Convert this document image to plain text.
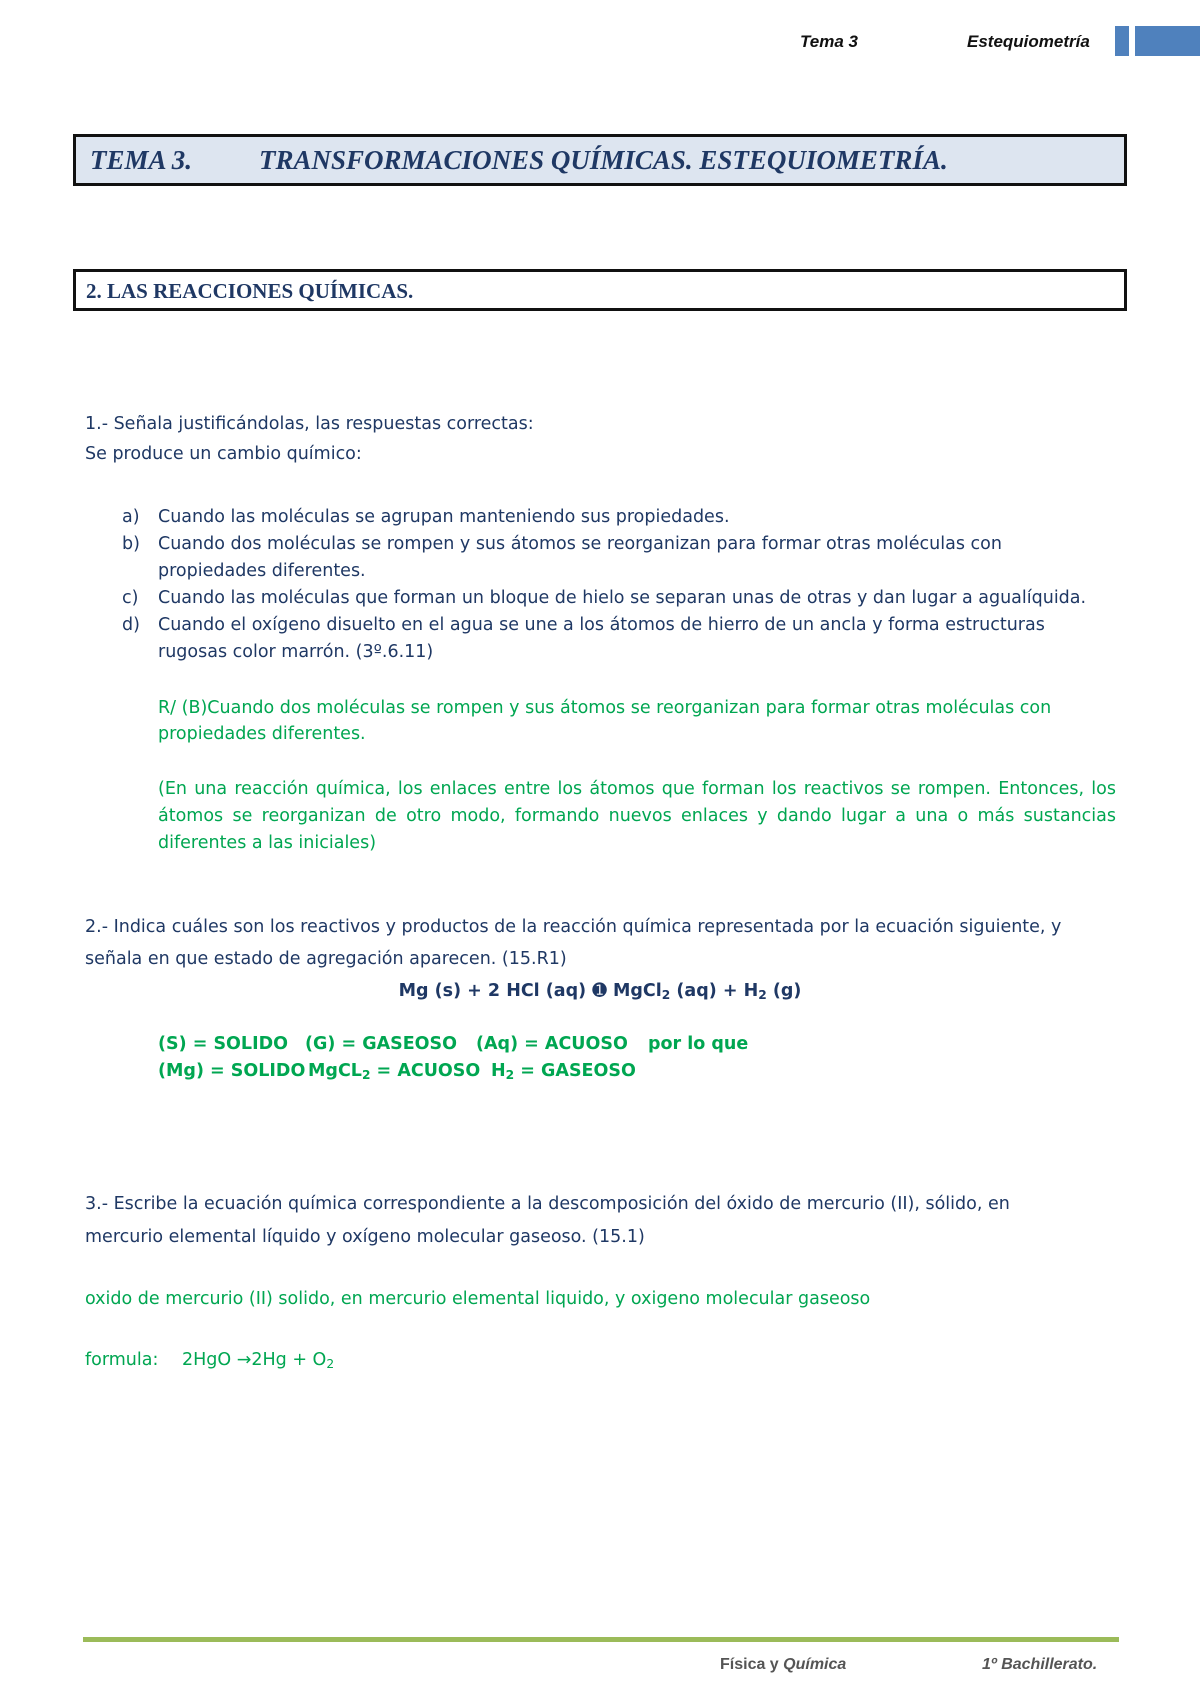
Tema 3	Estequiometría
TEMA 3. TRANSFORMACIONES QUÍMICAS. ESTEQUIOMETRÍA.
2. LAS REACCIONES QUÍMICAS.
1.- Señala justificándolas, las respuestas correctas:
Se produce un cambio químico:
a) Cuando las moléculas se agrupan manteniendo sus propiedades.
b) Cuando dos moléculas se rompen y sus átomos se reorganizan para formar otras moléculas con
propiedades diferentes.
c) Cuando las moléculas que forman un bloque de hielo se separan unas de otras y dan lugar a agualíquida.
d) Cuando el oxígeno disuelto en el agua se une a los átomos de hierro de un ancla y forma estructuras
rugosas color marrón. (3º.6.11)
R/ (B)Cuando dos moléculas se rompen y sus átomos se reorganizan para formar otras moléculas con
propiedades diferentes.
(En una reacción química, los enlaces entre los átomos que forman los reactivos se rompen. Entonces, los átomos se reorganizan de otro modo, formando nuevos enlaces y dando lugar a una o más sustancias diferentes a las iniciales)
2.- Indica cuáles son los reactivos y productos de la reacción química representada por la ecuación siguiente, y
señala en que estado de agregación aparecen. (15.R1)
Mg (s) + 2 HCl (aq) ➊ MgCl$_2$ $(aq) + H_2$ (g)
(S) = SOLIDO (G) = GASEOSO (Aq) = ACUOSO por lo que
(Mg) = SOLIDO MgCL$_2$ = ACUOSO $H_2$ = GASEOSO
3.- Escribe la ecuación química correspondiente a la descomposición del óxido de mercurio (II), sólido, en
mercurio elemental líquido y oxígeno molecular gaseoso. (15.1)
oxido de mercurio (II) solido, en mercurio elemental liquido, y oxigeno molecular gaseoso
formula: $2HgO \to 2Hg + O_2$
Física y Química	1º Bachillerato.
